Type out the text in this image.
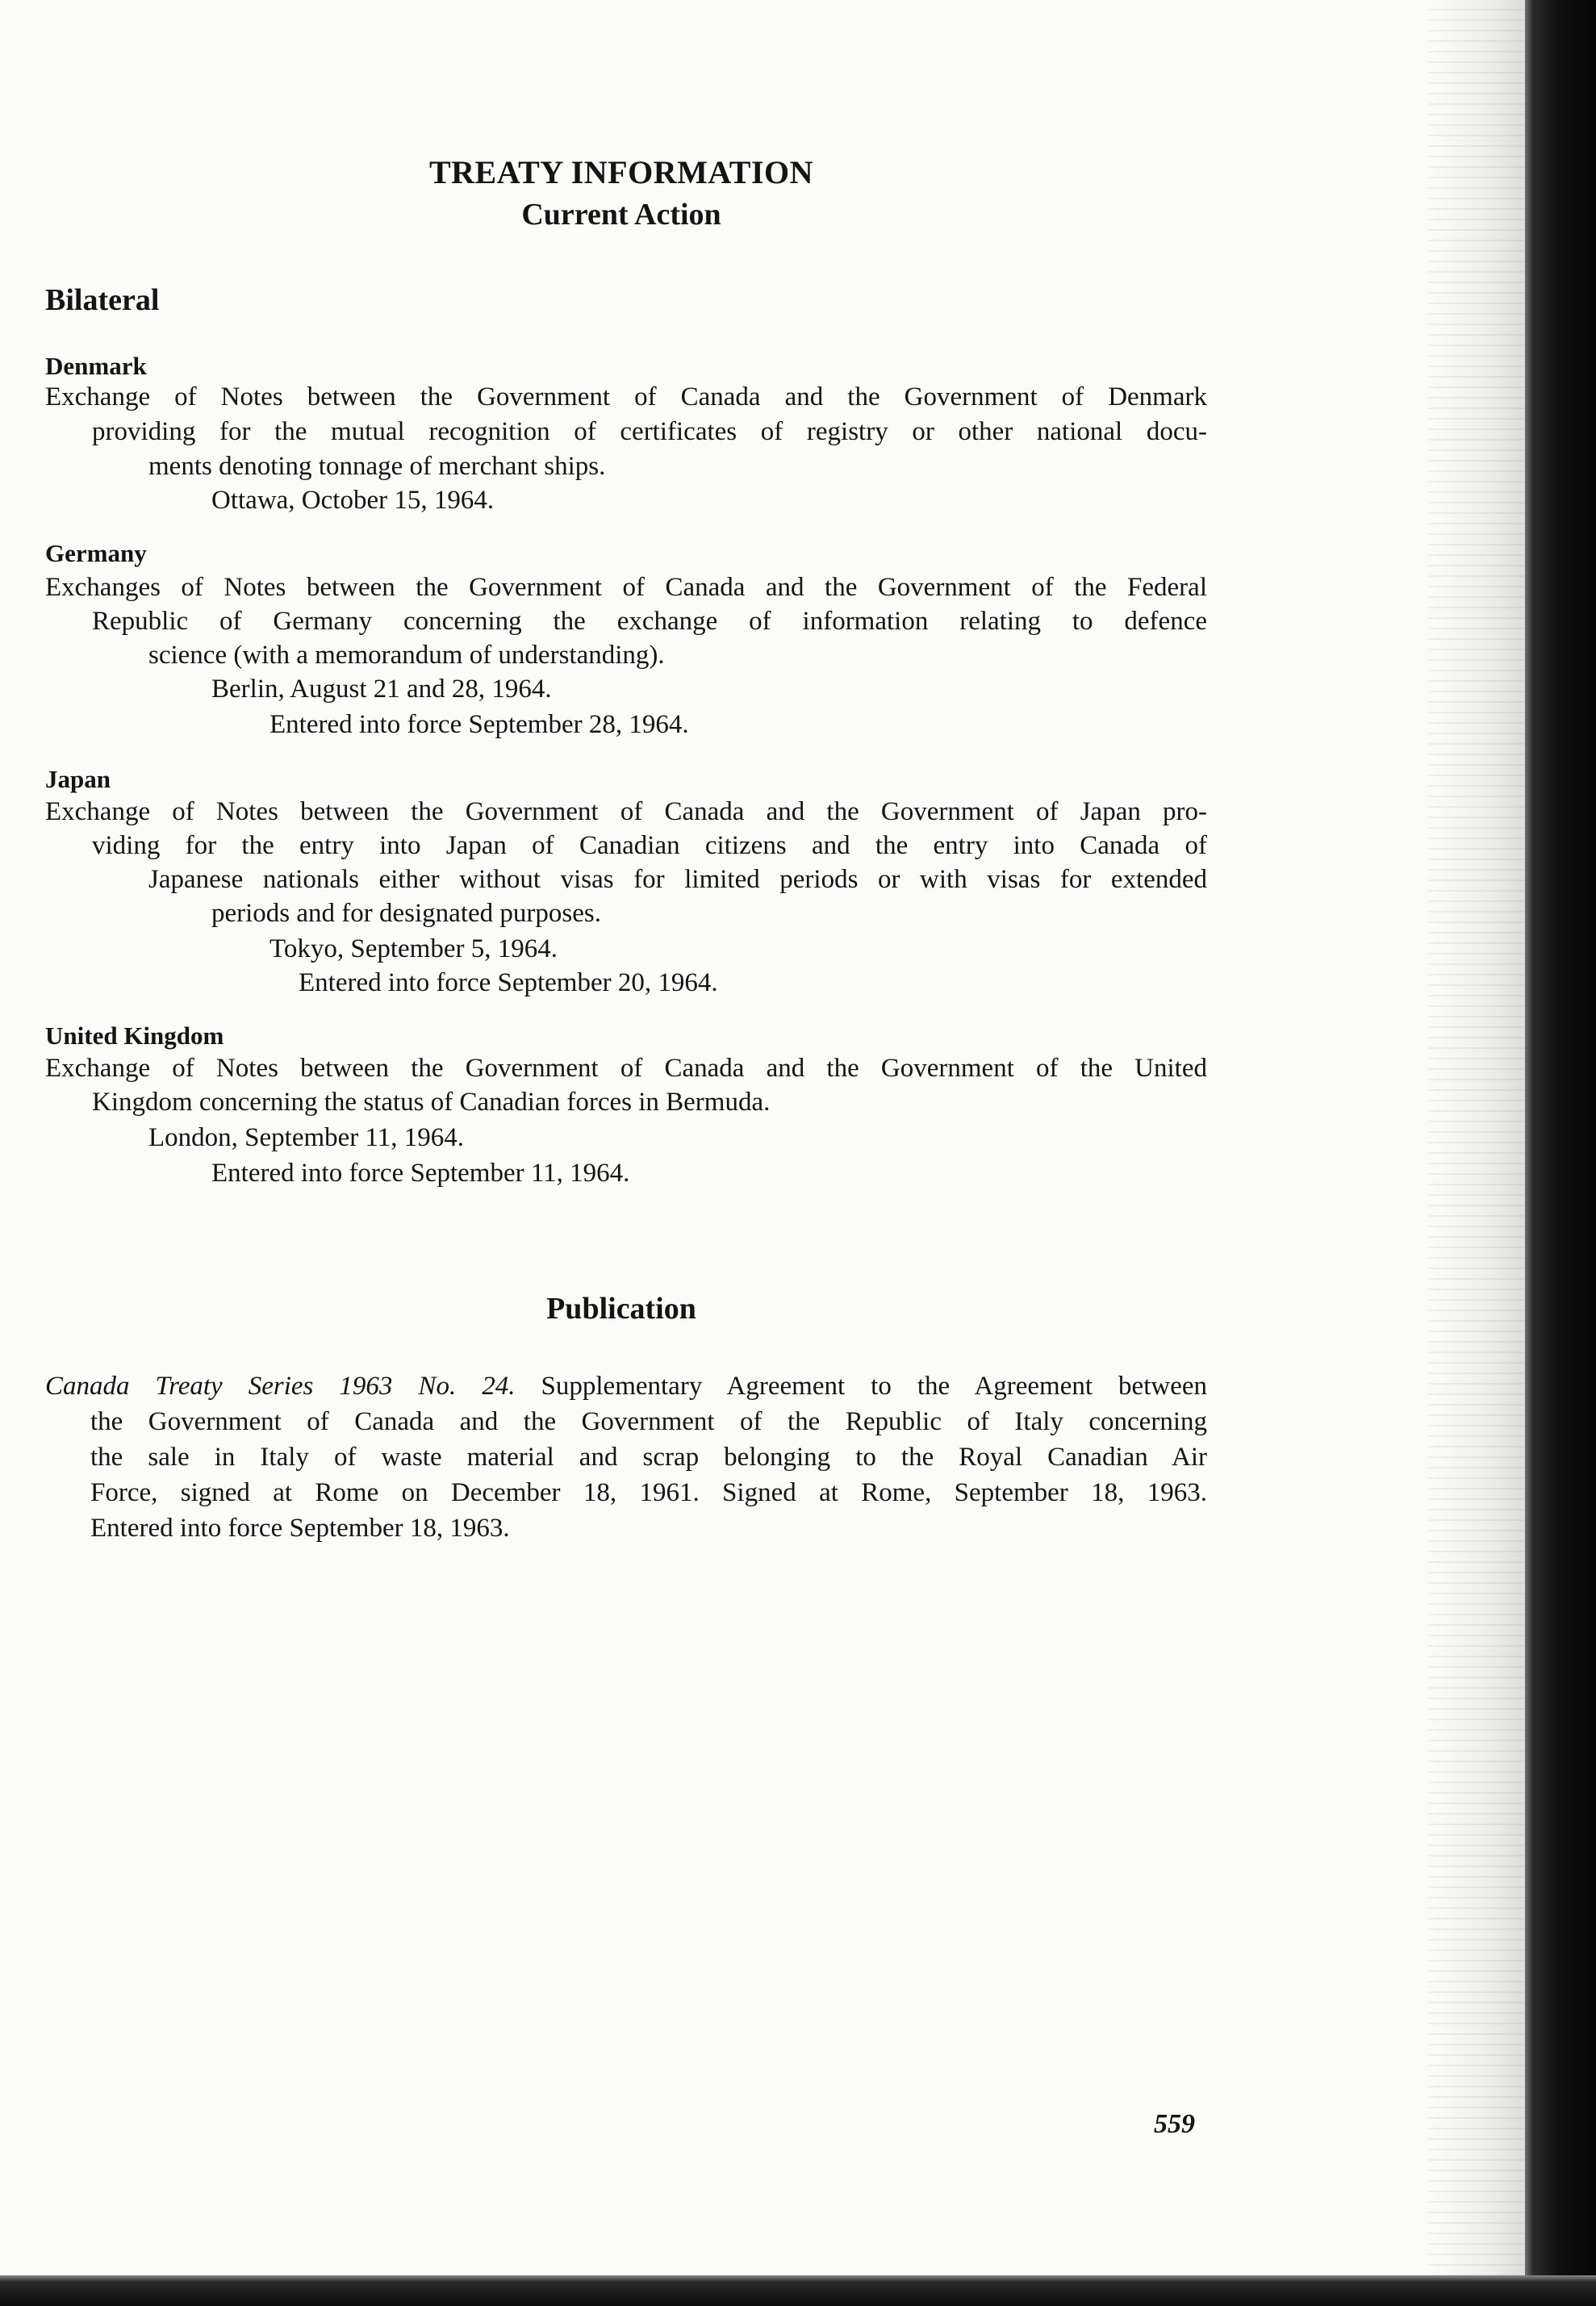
TREATY INFORMATION
Current Action
Bilateral
Denmark
Exchange of Notes between the Government of Canada and the Government of Denmark
providing for the mutual recognition of certificates of registry or other national docu-
ments denoting tonnage of merchant ships.
Ottawa, October 15, 1964.
Germany
Exchanges of Notes between the Government of Canada and the Government of the Federal
Republic of Germany concerning the exchange of information relating to defence
science (with a memorandum of understanding).
Berlin, August 21 and 28, 1964.
Entered into force September 28, 1964.
Japan
Exchange of Notes between the Government of Canada and the Government of Japan pro-
viding for the entry into Japan of Canadian citizens and the entry into Canada of
Japanese nationals either without visas for limited periods or with visas for extended
periods and for designated purposes.
Tokyo, September 5, 1964.
Entered into force September 20, 1964.
United Kingdom
Exchange of Notes between the Government of Canada and the Government of the United
Kingdom concerning the status of Canadian forces in Bermuda.
London, September 11, 1964.
Entered into force September 11, 1964.
Publication
Canada Treaty Series 1963 No. 24. Supplementary Agreement to the Agreement between
the Government of Canada and the Government of the Republic of Italy concerning
the sale in Italy of waste material and scrap belonging to the Royal Canadian Air
Force, signed at Rome on December 18, 1961. Signed at Rome, September 18, 1963.
Entered into force September 18, 1963.
559
